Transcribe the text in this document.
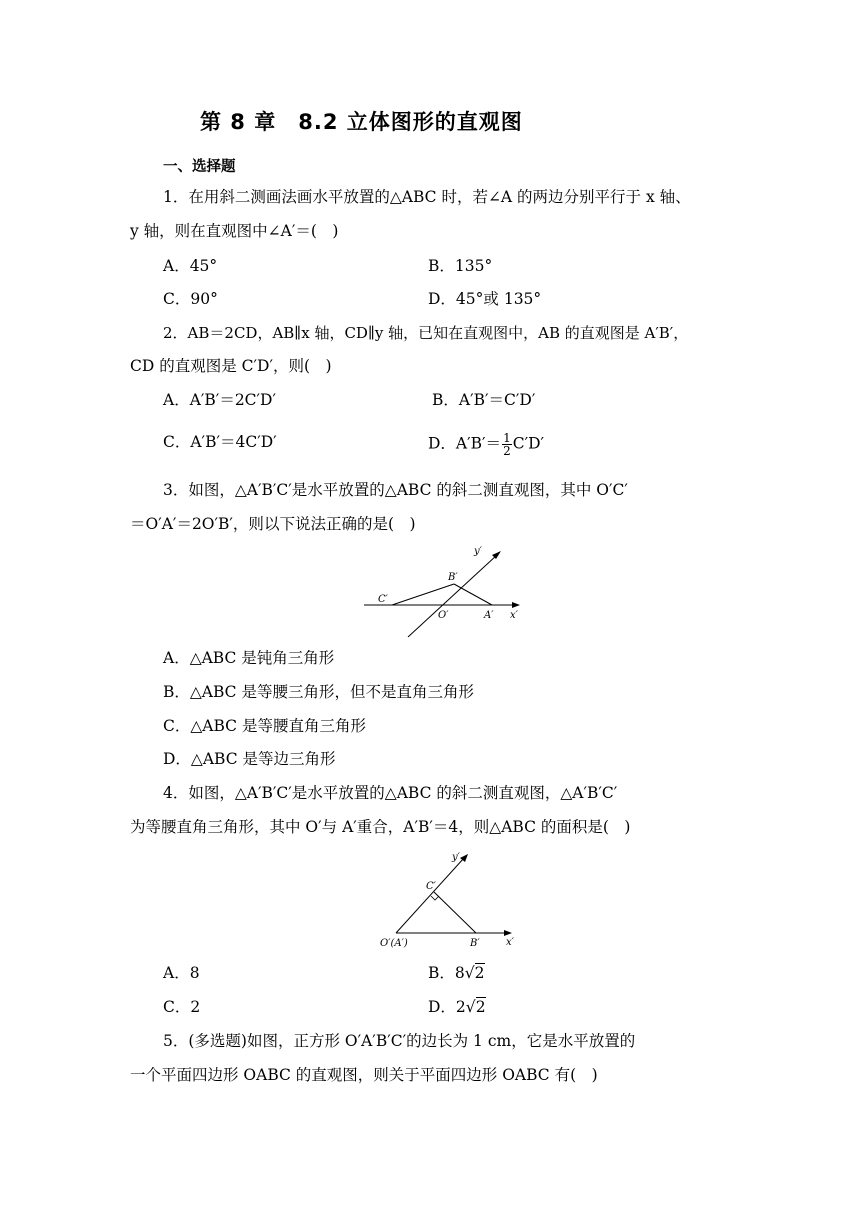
第 8 章　8.2 立体图形的直观图
一、选择题
1．在用斜二测画法画水平放置的△ABC 时，若∠A 的两边分别平行于 x 轴、
y 轴，则在直观图中∠A′＝(　)
A．45°	B．135°
C．90°	D．45°或 135°
2．AB＝2CD，AB∥x 轴，CD∥y 轴，已知在直观图中，AB 的直观图是 A′B′，
CD 的直观图是 C′D′，则(　)
A．A′B′＝2C′D′	B．A′B′＝C′D′
C．A′B′＝4C′D′	D．$A'B'= \frac{1}{2} C'D'$
3．如图，△A′B′C′是水平放置的△ABC 的斜二测直观图，其中 O′C′
＝O′A′＝2O′B′，则以下说法正确的是(　)
y′
B′
C′
O′	A′ x′
A．△ABC 是钝角三角形
B．△ABC 是等腰三角形，但不是直角三角形
C．△ABC 是等腰直角三角形
D．△ABC 是等边三角形
4．如图，△A′B′C′是水平放置的△ABC 的斜二测直观图，△A′B′C′
为等腰直角三角形，其中 O′与 A′重合，A′B′＝4，则△ABC 的面积是(　)
y′
C′
O′(A′)	B′	x′
A．8	B．8√2
C．2	D．2√2
5．(多选题)如图，正方形 O′A′B′C′的边长为 1 cm，它是水平放置的
一个平面四边形 OABC 的直观图，则关于平面四边形 OABC 有(　)
